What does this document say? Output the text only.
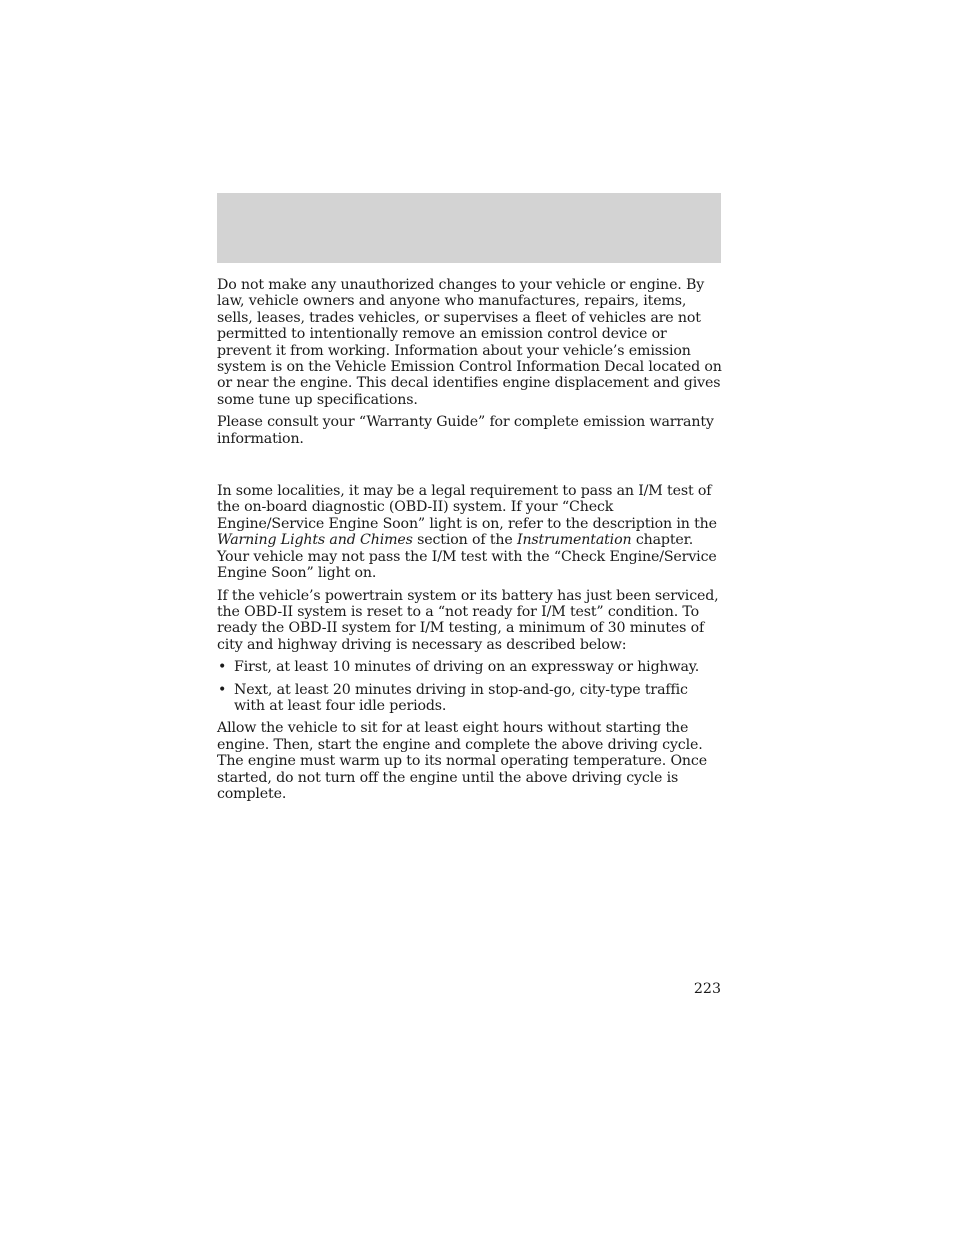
Do not make any unauthorized changes to your vehicle or engine. By law, vehicle owners and anyone who manufactures, repairs, items, sells, leases, trades vehicles, or supervises a fleet of vehicles are not permitted to intentionally remove an emission control device or prevent it from working. Information about your vehicle’s emission system is on the Vehicle Emission Control Information Decal located on or near the engine. This decal identifies engine displacement and gives some tune up specifications.

Please consult your “Warranty Guide” for complete emission warranty information.

In some localities, it may be a legal requirement to pass an I/M test of the on-board diagnostic (OBD-II) system. If your “Check Engine/Service Engine Soon” light is on, refer to the description in the Warning Lights and Chimes section of the Instrumentation chapter. Your vehicle may not pass the I/M test with the “Check Engine/Service Engine Soon” light on.

If the vehicle’s powertrain system or its battery has just been serviced, the OBD-II system is reset to a “not ready for I/M test” condition. To ready the OBD-II system for I/M testing, a minimum of 30 minutes of city and highway driving is necessary as described below:

• First, at least 10 minutes of driving on an expressway or highway.
• Next, at least 20 minutes driving in stop-and-go, city-type traffic with at least four idle periods.

Allow the vehicle to sit for at least eight hours without starting the engine. Then, start the engine and complete the above driving cycle. The engine must warm up to its normal operating temperature. Once started, do not turn off the engine until the above driving cycle is complete.

223
